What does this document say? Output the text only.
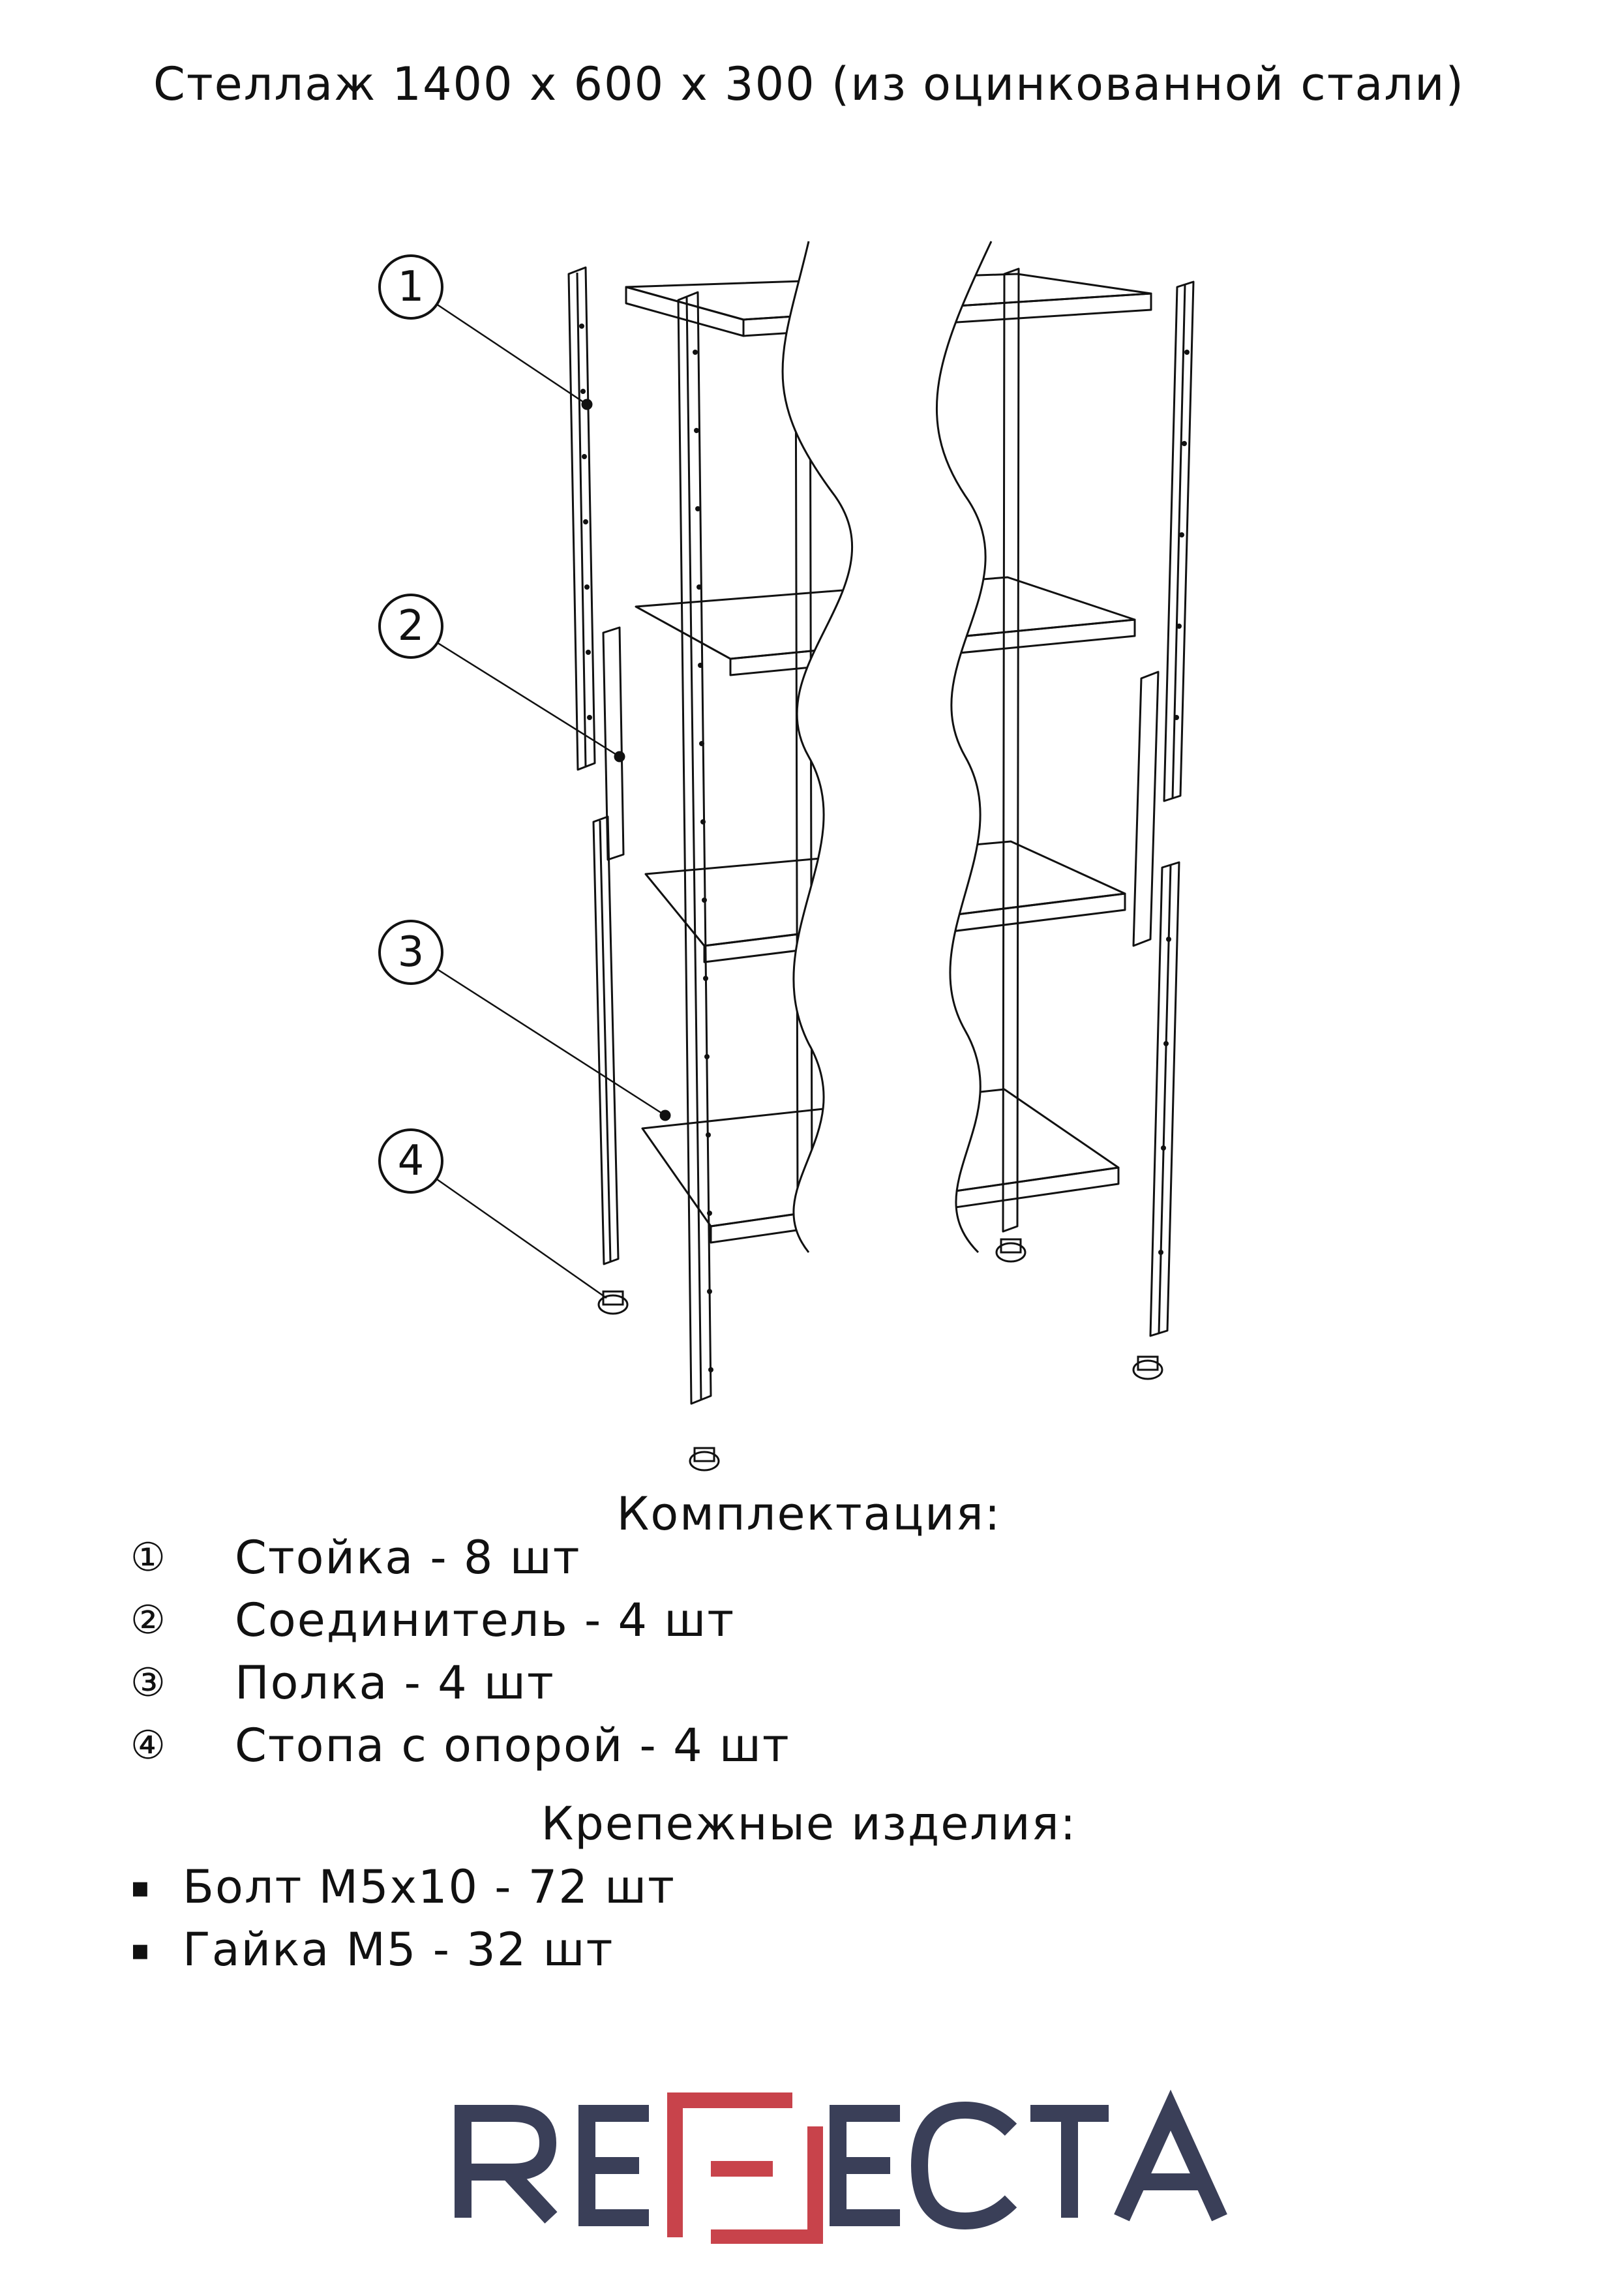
Стеллаж 1400 x 600 x 300 (из оцинкованной стали)
1
2
3
4
Комплектация:
①	Стойка - 8 шт
②	Соединитель - 4 шт
③	Полка - 4 шт
④	Стопа с опорой - 4 шт
Крепежные изделия:
▪ Болт М5х10 - 72 шт
▪ Гайка М5 - 32 шт
